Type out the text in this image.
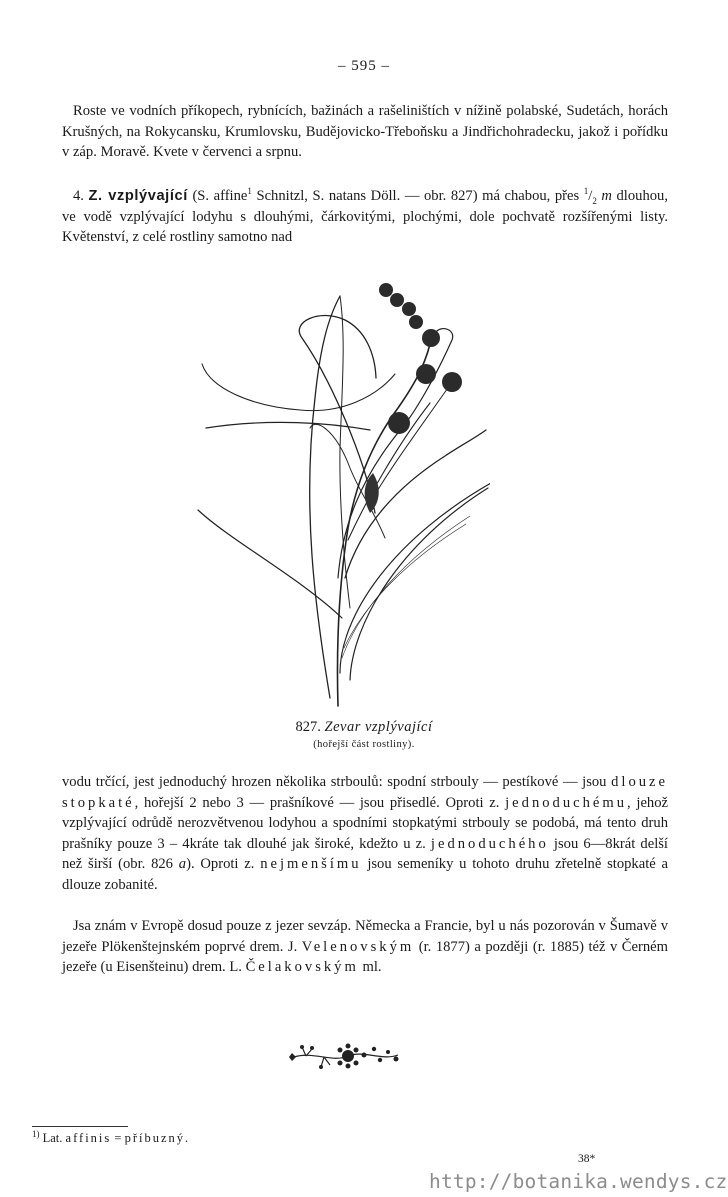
– 595 –

Roste ve vodních příkopech, rybnících, bažinách a rašeliništích v nížině polabské, Sudetách, horách Krušných, na Rokycansku, Krumlovsku, Budějovicko-Třeboňsku a Jindřichohradecku, jakož i pořídku v záp. Moravě. Kvete v červenci a srpnu.

4. Z. vzplývající (S. affine$^1$ Schnitzl, S. natans Döll. — obr. 827) má chabou, přes $^1/_2$ m dlouhou, ve vodě vzplývající lodyhu s dlouhými, čárkovitými, plochými, dole pochvatě rozšířenými listy. Květenství, z celé rostliny samotno nad

827. Zevar vzplývající
(hořejší část rostliny).

vodu trčící, jest jednoduchý hrozen několika strboulů: spodní strbouly — pestíkové — jsou dlouze stopkaté, hořejší 2 nebo 3 — prašníkové — jsou přisedlé. Oproti z. jednoduchému, jehož vzplývající odrůdě nerozvětvenou lodyhou a spodními stopkatými strbouly se podobá, má tento druh prašníky pouze 3 – 4kráte tak dlouhé jak široké, kdežto u z. jednoduchého jsou 6—8krát delší než širší (obr. 826 a). Oproti z. nejmenšímu jsou semeníky u tohoto druhu zřetelně stopkaté a dlouze zobanité.

Jsa znám v Evropě dosud pouze z jezer sevzáp. Německa a Francie, byl u nás pozorován v Šumavě v jezeře Plökenštejnském poprvé drem. J. Velenovským (r. 1877) a později (r. 1885) též v Černém jezeře (u Eisenšteinu) drem. L. Čelakovským ml.

$^{1)}$ Lat. affinis = příbuzný.
38*
http://botanika.wendys.cz
